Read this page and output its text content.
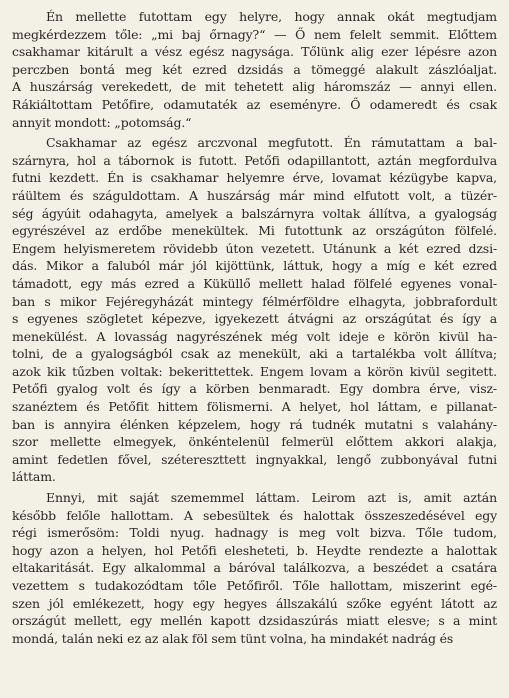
Én mellette futottam egy helyre, hogy annak okát megtudjam
megkérdezzem tőle: „mi baj őrnagy?“ — Ő nem felelt semmit. Előttem
csakhamar kitárult a vész egész nagysága. Tőlünk alig ezer lépésre azon
perczben bontá meg két ezred dzsidás a tömeggé alakult zászlóaljat.
A huszárság verekedett, de mit tehetett alig háromszáz — annyi ellen.
Rákiáltottam Petőfire, odamutaték az eseményre. Ő odameredt és csak
annyit mondott: „potomság.“
Csakhamar az egész arczvonal megfutott. Én rámutattam a bal-
szárnyra, hol a tábornok is futott. Petőfi odapillantott, aztán megfordulva
futni kezdett. Én is csakhamar helyemre érve, lovamat kézügybe kapva,
ráültem és száguldottam. A huszárság már mind elfutott volt, a tüzér-
ség ágyúit odahagyta, amelyek a balszárnyra voltak állítva, a gyalogság
egyrészével az erdőbe menekültek. Mi futottunk az országúton fölfelé.
Engem helyismeretem rövidebb úton vezetett. Utánunk a két ezred dzsi-
dás. Mikor a faluból már jól kijöttünk, láttuk, hogy a míg e két ezred
támadott, egy más ezred a Küküllő mellett halad fölfelé egyenes vonal-
ban s mikor Fejéregyházát mintegy félmérföldre elhagyta, jobbrafordult
s egyenes szögletet képezve, igyekezett átvágni az országútat és így a
menekülést. A lovasság nagyrészének még volt ideje e körön kivül ha-
tolni, de a gyalogságból csak az menekült, aki a tartalékba volt állítva;
azok kik tűzben voltak: bekerittettek. Engem lovam a körön kivül segitett.
Petőfi gyalog volt és így a körben benmaradt. Egy dombra érve, visz-
szanéztem és Petőfit hittem fölismerni. A helyet, hol láttam, e pillanat-
ban is annyira élénken képzelem, hogy rá tudnék mutatni s valahány-
szor mellette elmegyek, önkéntelenül felmerül előttem akkori alakja,
amint fedetlen fővel, szétereszttett ingnyakkal, lengő zubbonyával futni
láttam.
Ennyi, mit saját szememmel láttam. Leirom azt is, amit aztán
később felőle hallottam. A sebesültek és halottak összeszedésével egy
régi ismerősöm: Toldi nyug. hadnagy is meg volt bizva. Tőle tudom,
hogy azon a helyen, hol Petőfi elesheteti, b. Heydte rendezte a halottak
eltakaritását. Egy alkalommal a báróval találkozva, a beszédet a csatára
vezettem s tudakozódtam tőle Petőfiről. Tőle hallottam, miszerint egé-
szen jól emlékezett, hogy egy hegyes állszakálú szőke egyént látott az
országút mellett, egy mellén kapott dzsidaszúrás miatt elesve; s a mint
mondá, talán neki ez az alak föl sem tünt volna, ha mindakét nadrág és
